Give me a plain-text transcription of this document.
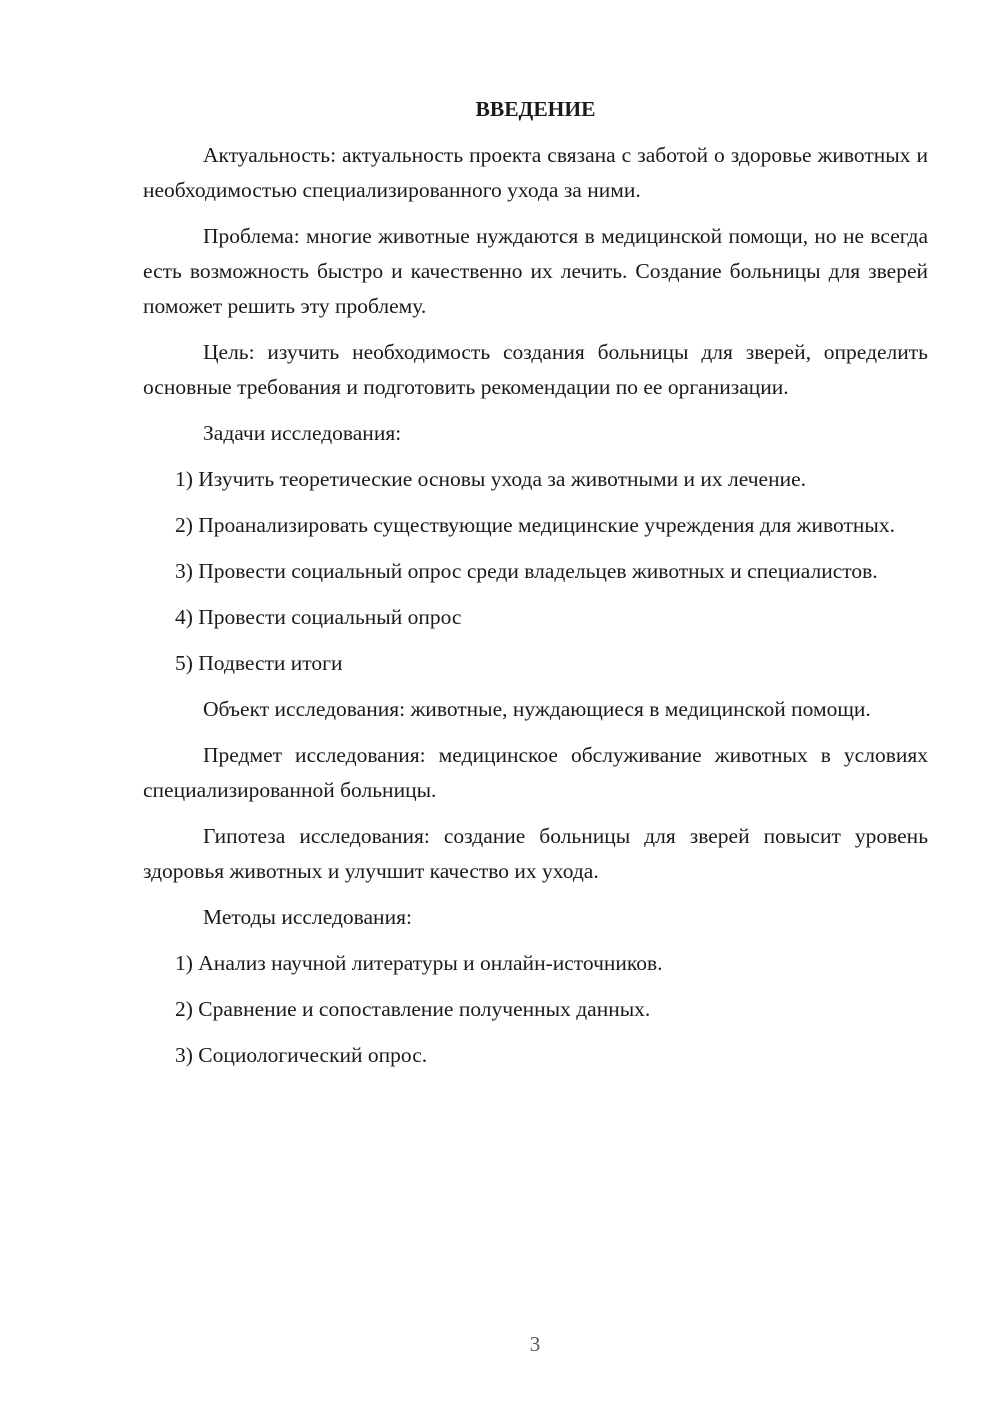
ВВЕДЕНИЕ
Актуальность: актуальность проекта связана с заботой о здоровье животных и необходимостью специализированного ухода за ними.
Проблема: многие животные нуждаются в медицинской помощи, но не всегда есть возможность быстро и качественно их лечить. Создание больницы для зверей поможет решить эту проблему.
Цель: изучить необходимость создания больницы для зверей, определить основные требования и подготовить рекомендации по ее организации.
Задачи исследования:
1) Изучить теоретические основы ухода за животными и их лечение.
2) Проанализировать существующие медицинские учреждения для животных.
3) Провести социальный опрос среди владельцев животных и специалистов.
4) Провести социальный опрос
5) Подвести итоги
Объект исследования: животные, нуждающиеся в медицинской помощи.
Предмет исследования: медицинское обслуживание животных в условиях специализированной больницы.
Гипотеза исследования: создание больницы для зверей повысит уровень здоровья животных и улучшит качество их ухода.
Методы исследования:
1) Анализ научной литературы и онлайн-источников.
2) Сравнение и сопоставление полученных данных.
3) Социологический опрос.
3
